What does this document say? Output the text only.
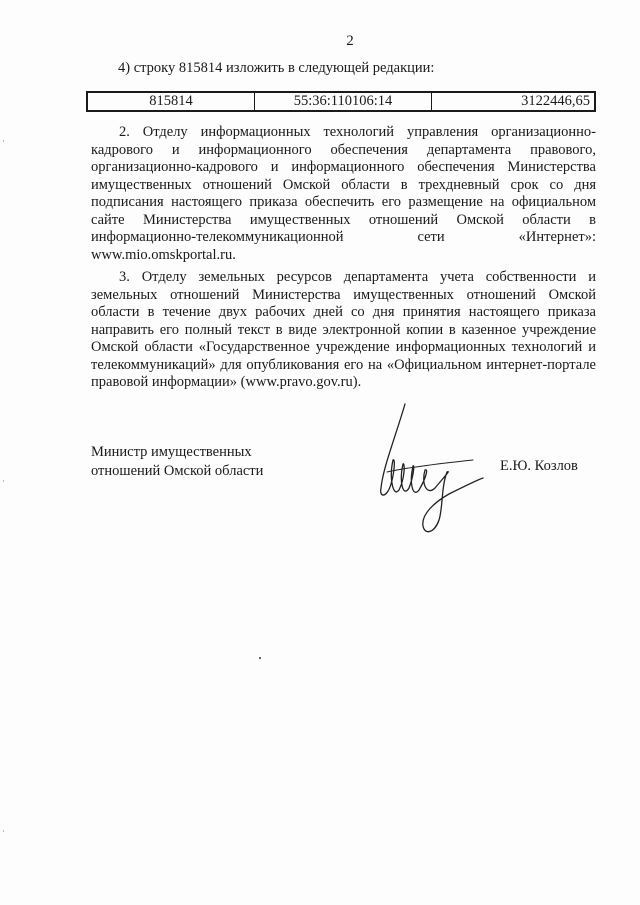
2
4) строку 815814 изложить в следующей редакции:
815814	55:36:110106:14	3122446,65

2. Отделу информационных технологий управления организационно-кадрового и информационного обеспечения департамента правового, организационно-кадрового и информационного обеспечения Министерства имущественных отношений Омской области в трехдневный срок со дня подписания настоящего приказа обеспечить его размещение на официальном сайте Министерства имущественных отношений Омской области в информационно-телекоммуникационной сети «Интернет»: www.mio.omskportal.ru.

3. Отделу земельных ресурсов департамента учета собственности и земельных отношений Министерства имущественных отношений Омской области в течение двух рабочих дней со дня принятия настоящего приказа направить его полный текст в виде электронной копии в казенное учреждение Омской области «Государственное учреждение информационных технологий и телекоммуникаций» для опубликования его на «Официальном интернет-портале правовой информации» (www.pravo.gov.ru).

Министр имущественных
отношений Омской области	Е.Ю. Козлов
